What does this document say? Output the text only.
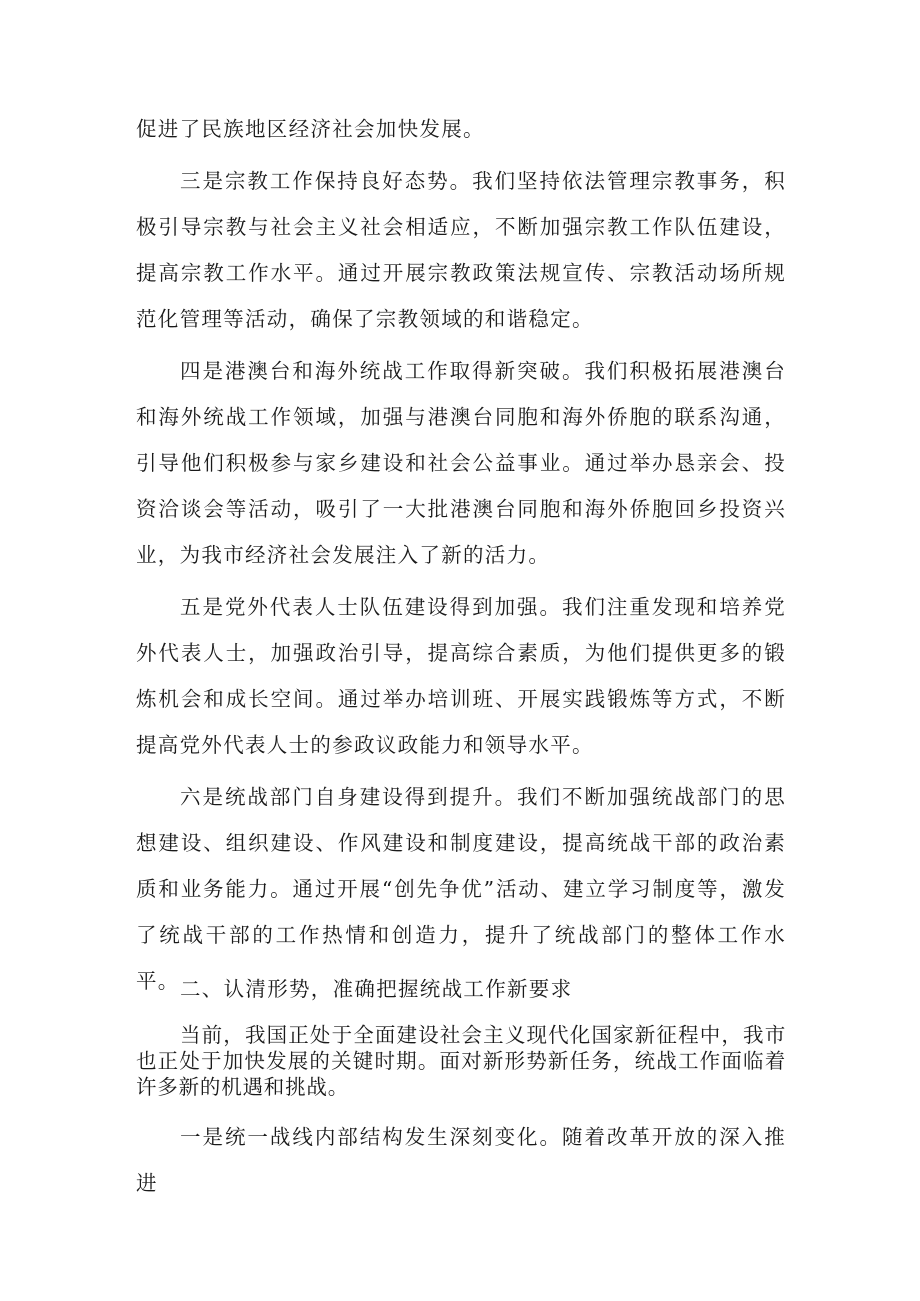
促进了民族地区经济社会加快发展。

三是宗教工作保持良好态势。我们坚持依法管理宗教事务，积极引导宗教与社会主义社会相适应，不断加强宗教工作队伍建设，提高宗教工作水平。通过开展宗教政策法规宣传、宗教活动场所规范化管理等活动，确保了宗教领域的和谐稳定。

四是港澳台和海外统战工作取得新突破。我们积极拓展港澳台和海外统战工作领域，加强与港澳台同胞和海外侨胞的联系沟通，引导他们积极参与家乡建设和社会公益事业。通过举办恳亲会、投资洽谈会等活动，吸引了一大批港澳台同胞和海外侨胞回乡投资兴业，为我市经济社会发展注入了新的活力。

五是党外代表人士队伍建设得到加强。我们注重发现和培养党外代表人士，加强政治引导，提高综合素质，为他们提供更多的锻炼机会和成长空间。通过举办培训班、开展实践锻炼等方式，不断提高党外代表人士的参政议政能力和领导水平。

六是统战部门自身建设得到提升。我们不断加强统战部门的思想建设、组织建设、作风建设和制度建设，提高统战干部的政治素质和业务能力。通过开展“创先争优”活动、建立学习制度等，激发了统战干部的工作热情和创造力，提升了统战部门的整体工作水平。 二、认清形势，准确把握统战工作新要求

当前，我国正处于全面建设社会主义现代化国家新征程中，我市也正处于加快发展的关键时期。面对新形势新任务，统战工作面临着许多新的机遇和挑战。

一是统一战线内部结构发生深刻变化。随着改革开放的深入推进
